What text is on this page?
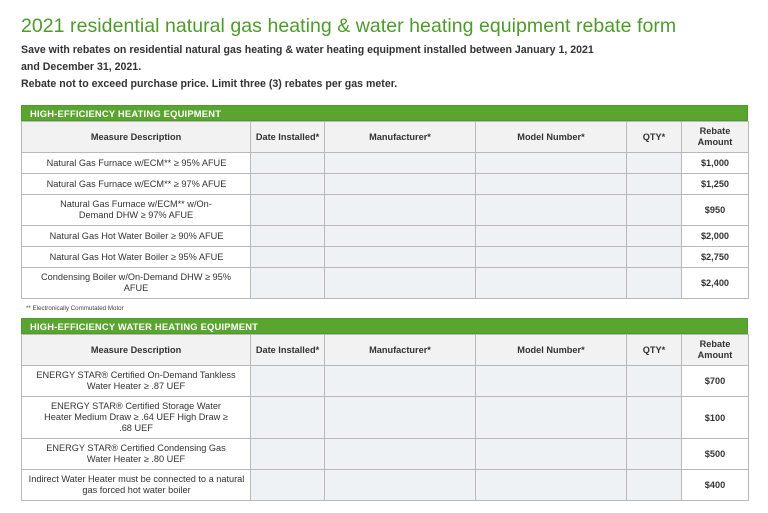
2021 residential natural gas heating & water heating equipment rebate form

Save with rebates on residential natural gas heating & water heating equipment installed between January 1, 2021

and December 31, 2021.

Rebate not to exceed purchase price. Limit three (3) rebates per gas meter.

HIGH-EFFICIENCY HEATING EQUIPMENT
Measure Description	Date Installed*	Manufacturer*	Model Number*	QTY*	Rebate Amount

Natural Gas Furnace w/ECM** ≥ 95% AFUE					$1,000

Natural Gas Furnace w/ECM** ≥ 97% AFUE					$1,250

Natural Gas Furnace w/ECM** w/On-Demand DHW ≥ 97% AFUE					$950

Natural Gas Hot Water Boiler ≥ 90% AFUE					$2,000

Natural Gas Hot Water Boiler ≥ 95% AFUE					$2,750

Condensing Boiler w/On-Demand DHW ≥ 95% AFUE					$2,400
** Electronically Commutated Motor
HIGH-EFFICIENCY WATER HEATING EQUIPMENT
Measure Description	Date Installed*	Manufacturer*	Model Number*	QTY*	Rebate Amount

ENERGY STAR® Certified On-Demand Tankless Water Heater ≥ .87 UEF					$700

ENERGY STAR® Certified Storage Water Heater Medium Draw ≥ .64 UEF High Draw ≥ .68 UEF					$100

ENERGY STAR® Certified Condensing Gas Water Heater ≥ .80 UEF					$500

Indirect Water Heater must be connected to a natural gas forced hot water boiler					$400
